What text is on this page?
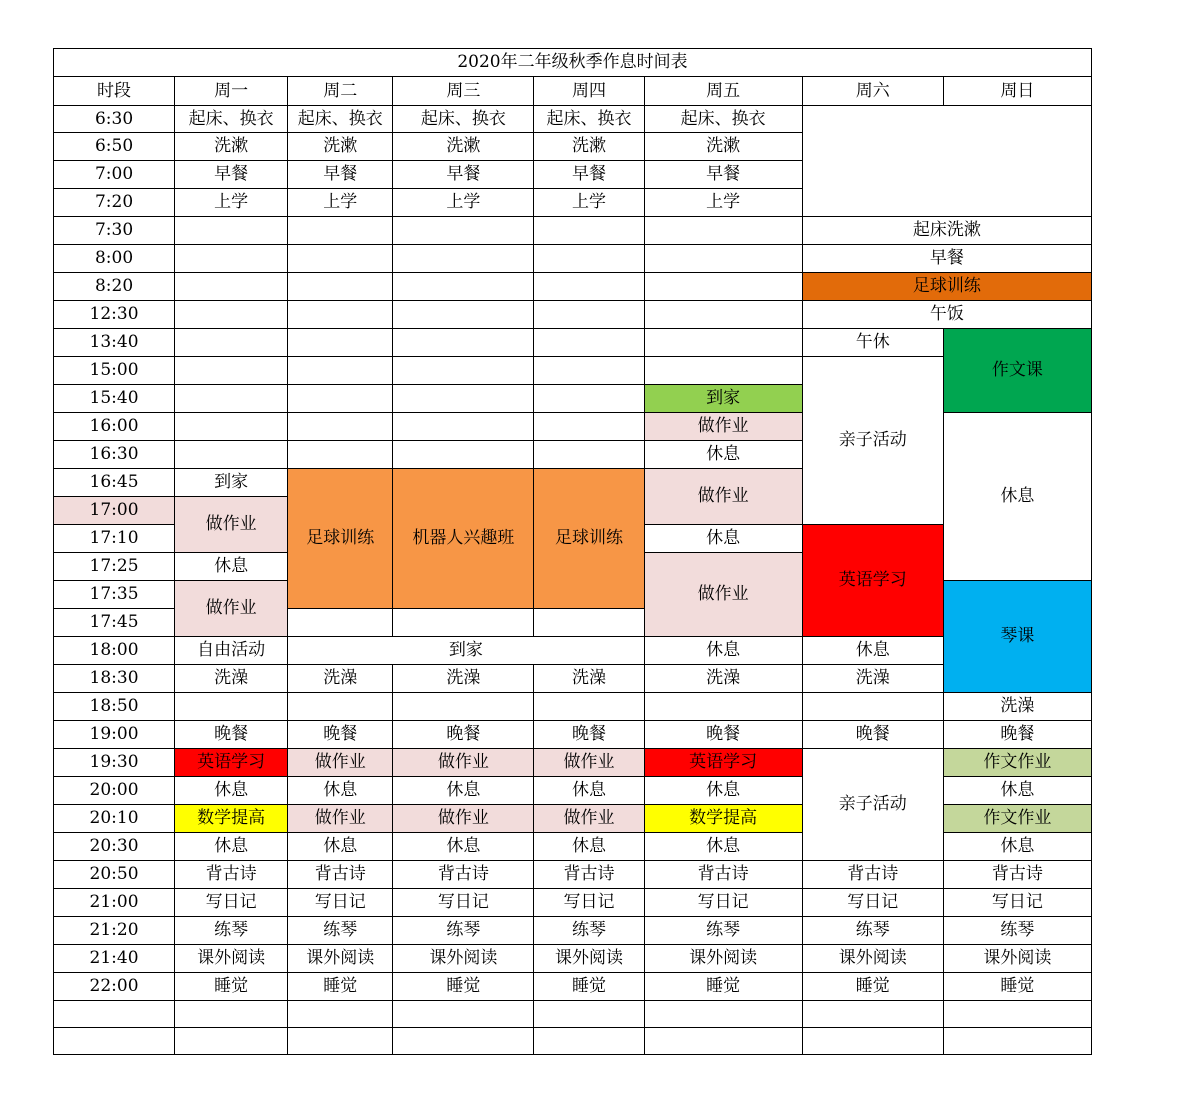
2020年二年级秋季作息时间表							
时段	周一	周二	周三	周四	周五	周六	周日
6:30	起床、换衣	起床、换衣	起床、换衣	起床、换衣	起床、换衣		
6:50	洗漱	洗漱	洗漱	洗漱	洗漱		
7:00	早餐	早餐	早餐	早餐	早餐		
7:20	上学	上学	上学	上学	上学		
7:30						起床洗漱	
8:00						早餐	
8:20						足球训练	
12:30						午饭	
13:40						午休	作文课
15:00						亲子活动	
15:40					到家		
16:00					做作业		休息
16:30					休息		
16:45	到家	足球训练	机器人兴趣班	足球训练	做作业		
17:00	做作业						
17:10					休息	英语学习	
17:25	休息				做作业		
17:35	做作业						琴课
17:45							
18:00	自由活动	到家			休息	休息	
18:30	洗澡	洗澡	洗澡	洗澡	洗澡	洗澡	
18:50							洗澡
19:00	晚餐	晚餐	晚餐	晚餐	晚餐	晚餐	晚餐
19:30	英语学习	做作业	做作业	做作业	英语学习	亲子活动	作文作业
20:00	休息	休息	休息	休息	休息		休息
20:10	数学提高	做作业	做作业	做作业	数学提高		作文作业
20:30	休息	休息	休息	休息	休息		休息
20:50	背古诗	背古诗	背古诗	背古诗	背古诗	背古诗	背古诗
21:00	写日记	写日记	写日记	写日记	写日记	写日记	写日记
21:20	练琴	练琴	练琴	练琴	练琴	练琴	练琴
21:40	课外阅读	课外阅读	课外阅读	课外阅读	课外阅读	课外阅读	课外阅读
22:00	睡觉	睡觉	睡觉	睡觉	睡觉	睡觉	睡觉
